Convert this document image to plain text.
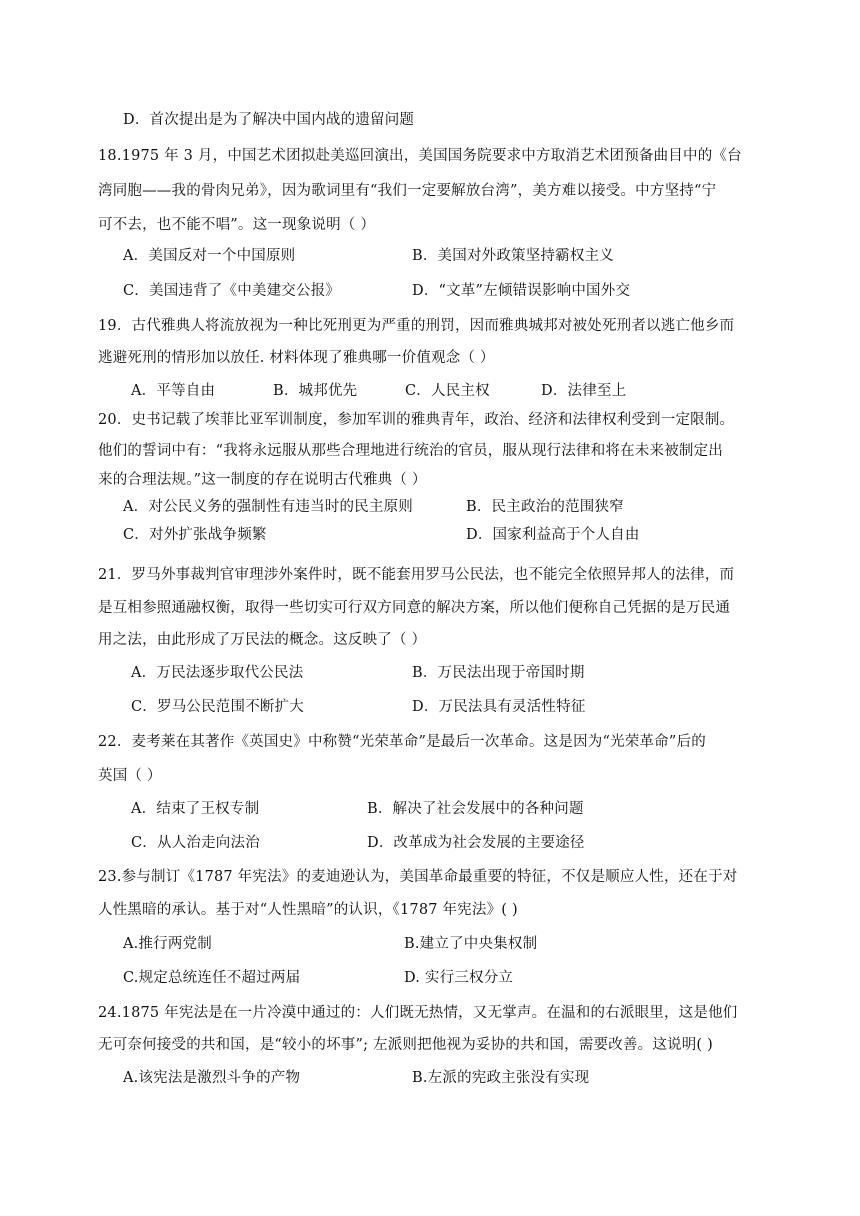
D．首次提出是为了解决中国内战的遗留问题
18.1975 年 3 月，中国艺术团拟赴美巡回演出，美国国务院要求中方取消艺术团预备曲目中的《台
湾同胞——我的骨肉兄弟》，因为歌词里有“我们一定要解放台湾”，美方难以接受。中方坚持“宁
可不去，也不能不唱”。这一现象说明（ ）
A．美国反对一个中国原则	B．美国对外政策坚持霸权主义
C．美国违背了《中美建交公报》	D．“文革”左倾错误影响中国外交
19．古代雅典人将流放视为一种比死刑更为严重的刑罚，因而雅典城邦对被处死刑者以逃亡他乡而
逃避死刑的情形加以放任. 材料体现了雅典哪一价值观念（ ）
A．平等自由	B．城邦优先	C．人民主权	D．法律至上
20．史书记载了埃菲比亚军训制度，参加军训的雅典青年，政治、经济和法律权利受到一定限制。
他们的誓词中有：“我将永远服从那些合理地进行统治的官员，服从现行法律和将在未来被制定出
来的合理法规。”这一制度的存在说明古代雅典（ ）
A．对公民义务的强制性有违当时的民主原则	B．民主政治的范围狭窄
C．对外扩张战争频繁	D．国家利益高于个人自由
21．罗马外事裁判官审理涉外案件时，既不能套用罗马公民法，也不能完全依照异邦人的法律，而
是互相参照通融权衡，取得一些切实可行双方同意的解决方案，所以他们便称自己凭据的是万民通
用之法，由此形成了万民法的概念。这反映了（ ）
A．万民法逐步取代公民法	B．万民法出现于帝国时期
C．罗马公民范围不断扩大	D．万民法具有灵活性特征
22．麦考莱在其著作《英国史》中称赞“光荣革命”是最后一次革命。这是因为“光荣革命”后的
英国（ ）
A．结束了王权专制	B．解决了社会发展中的各种问题
C．从人治走向法治	D．改革成为社会发展的主要途径
23.参与制订《1787 年宪法》的麦迪逊认为，美国革命最重要的特征，不仅是顺应人性，还在于对
人性黑暗的承认。基于对“人性黑暗”的认识，《1787 年宪法》( )
A.推行两党制	B.建立了中央集权制
C.规定总统连任不超过两届	D. 实行三权分立
24.1875 年宪法是在一片冷漠中通过的：人们既无热情，又无掌声。在温和的右派眼里，这是他们
无可奈何接受的共和国，是“较小的坏事”; 左派则把他视为妥协的共和国，需要改善。这说明( )
A.该宪法是激烈斗争的产物	B.左派的宪政主张没有实现
